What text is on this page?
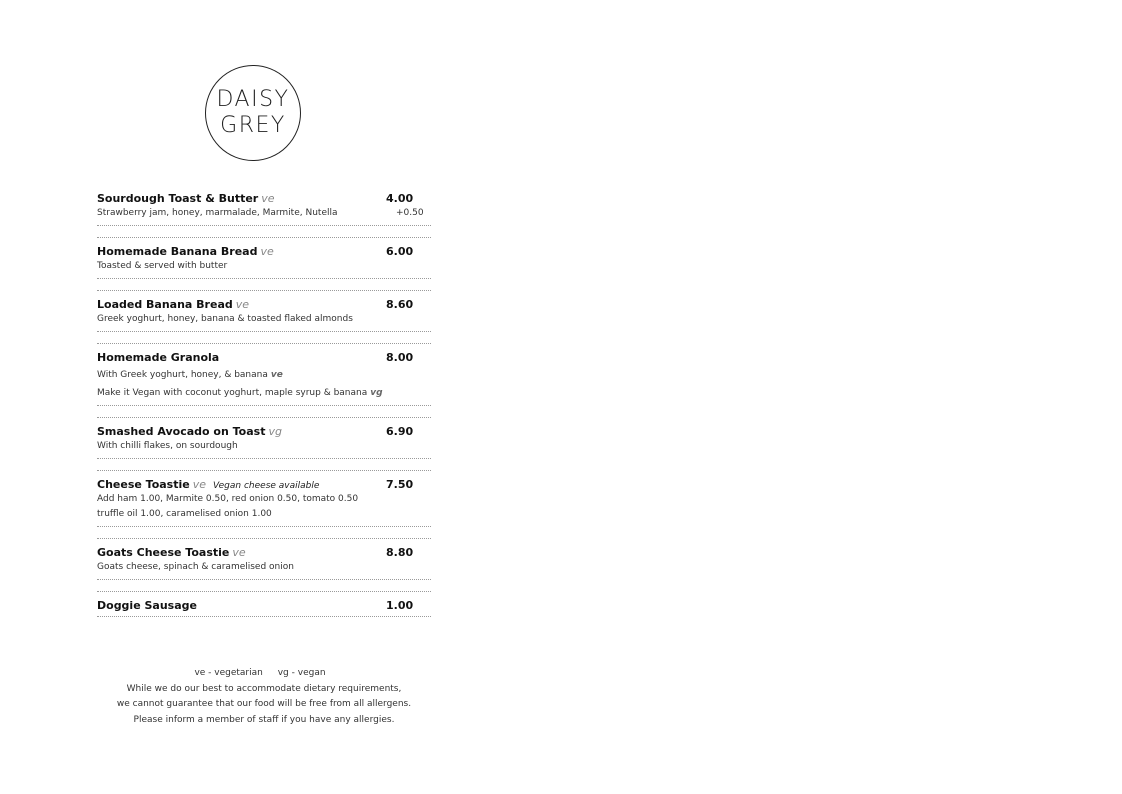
DAISY
GREY
Sourdough Toast & Butter ve	4.00
Strawberry jam, honey, marmalade, Marmite, Nutella	+0.50
Homemade Banana Bread ve	6.00
Toasted & served with butter
Loaded Banana Bread ve	8.60
Greek yoghurt, honey, banana & toasted flaked almonds
Homemade Granola	8.00
With Greek yoghurt, honey, & banana ve
Make it Vegan with coconut yoghurt, maple syrup & banana vg
Smashed Avocado on Toast vg	6.90
With chilli flakes, on sourdough
Cheese Toastie ve Vegan cheese available	7.50
Add ham 1.00, Marmite 0.50, red onion 0.50, tomato 0.50
truffle oil 1.00, caramelised onion 1.00
Goats Cheese Toastie ve	8.80
Goats cheese, spinach & caramelised onion
Doggie Sausage	1.00
ve - vegetarian vg - vegan
While we do our best to accommodate dietary requirements,
we cannot guarantee that our food will be free from all allergens.
Please inform a member of staff if you have any allergies.
